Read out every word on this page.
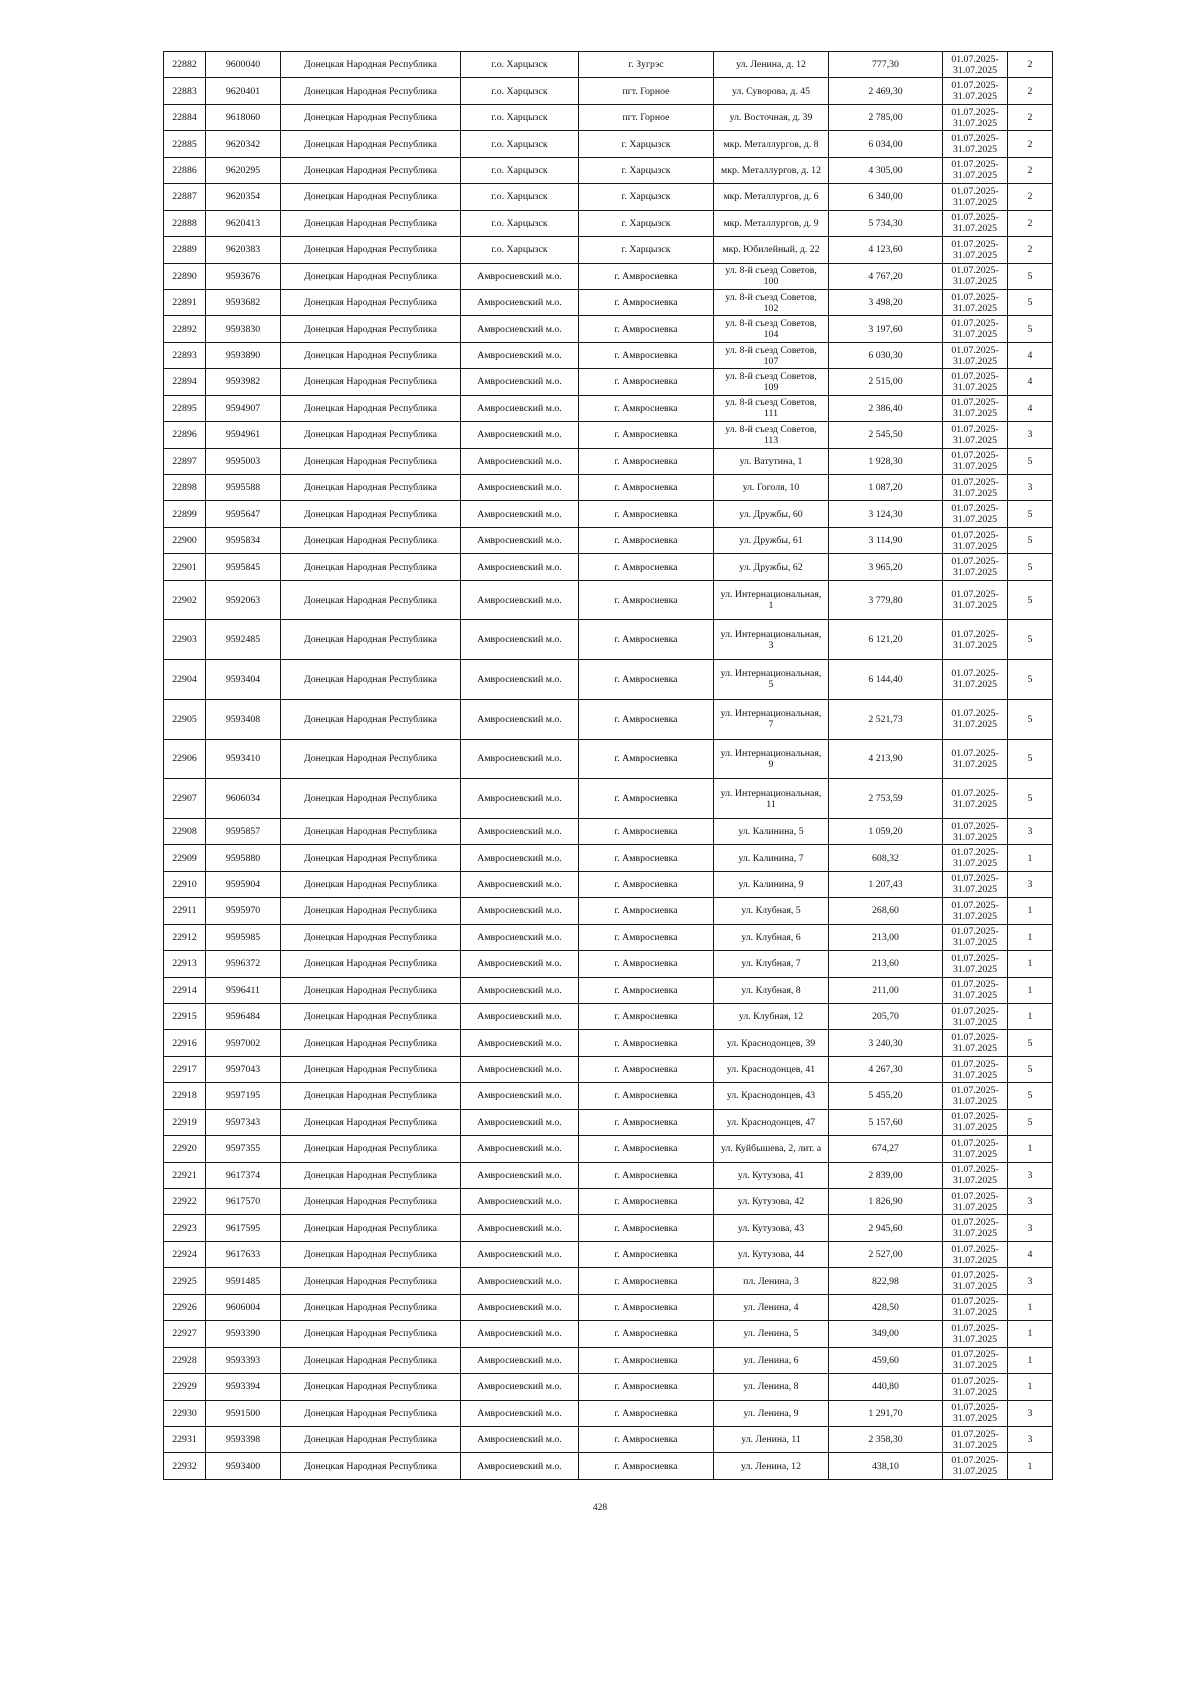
22882	9600040	Донецкая Народная Республика	г.о. Харцызск	г. Зугрэс	ул. Ленина, д. 12	777,30	01.07.2025-
31.07.2025	2
22883	9620401	Донецкая Народная Республика	г.о. Харцызск	пгт. Горное	ул. Суворова, д. 45	2 469,30	01.07.2025-
31.07.2025	2
22884	9618060	Донецкая Народная Республика	г.о. Харцызск	пгт. Горное	ул. Восточная, д. 39	2 785,00	01.07.2025-
31.07.2025	2
22885	9620342	Донецкая Народная Республика	г.о. Харцызск	г. Харцызск	мкр. Металлургов, д. 8	6 034,00	01.07.2025-
31.07.2025	2
22886	9620295	Донецкая Народная Республика	г.о. Харцызск	г. Харцызск	мкр. Металлургов, д. 12	4 305,00	01.07.2025-
31.07.2025	2
22887	9620354	Донецкая Народная Республика	г.о. Харцызск	г. Харцызск	мкр. Металлургов, д. 6	6 340,00	01.07.2025-
31.07.2025	2
22888	9620413	Донецкая Народная Республика	г.о. Харцызск	г. Харцызск	мкр. Металлургов, д. 9	5 734,30	01.07.2025-
31.07.2025	2
22889	9620383	Донецкая Народная Республика	г.о. Харцызск	г. Харцызск	мкр. Юбилейный, д. 22	4 123,60	01.07.2025-
31.07.2025	2
22890	9593676	Донецкая Народная Республика	Амвросиевский м.о.	г. Амвросиевка	ул. 8-й съезд Советов, 100	4 767,20	01.07.2025-
31.07.2025	5
22891	9593682	Донецкая Народная Республика	Амвросиевский м.о.	г. Амвросиевка	ул. 8-й съезд Советов, 102	3 498,20	01.07.2025-
31.07.2025	5
22892	9593830	Донецкая Народная Республика	Амвросиевский м.о.	г. Амвросиевка	ул. 8-й съезд Советов, 104	3 197,60	01.07.2025-
31.07.2025	5
22893	9593890	Донецкая Народная Республика	Амвросиевский м.о.	г. Амвросиевка	ул. 8-й съезд Советов, 107	6 030,30	01.07.2025-
31.07.2025	4
22894	9593982	Донецкая Народная Республика	Амвросиевский м.о.	г. Амвросиевка	ул. 8-й съезд Советов, 109	2 515,00	01.07.2025-
31.07.2025	4
22895	9594907	Донецкая Народная Республика	Амвросиевский м.о.	г. Амвросиевка	ул. 8-й съезд Советов, 111	2 386,40	01.07.2025-
31.07.2025	4
22896	9594961	Донецкая Народная Республика	Амвросиевский м.о.	г. Амвросиевка	ул. 8-й съезд Советов, 113	2 545,50	01.07.2025-
31.07.2025	3
22897	9595003	Донецкая Народная Республика	Амвросиевский м.о.	г. Амвросиевка	ул. Ватутина, 1	1 928,30	01.07.2025-
31.07.2025	5
22898	9595588	Донецкая Народная Республика	Амвросиевский м.о.	г. Амвросиевка	ул. Гоголя, 10	1 087,20	01.07.2025-
31.07.2025	3
22899	9595647	Донецкая Народная Республика	Амвросиевский м.о.	г. Амвросиевка	ул. Дружбы, 60	3 124,30	01.07.2025-
31.07.2025	5
22900	9595834	Донецкая Народная Республика	Амвросиевский м.о.	г. Амвросиевка	ул. Дружбы, 61	3 114,90	01.07.2025-
31.07.2025	5
22901	9595845	Донецкая Народная Республика	Амвросиевский м.о.	г. Амвросиевка	ул. Дружбы, 62	3 965,20	01.07.2025-
31.07.2025	5
22902	9592063	Донецкая Народная Республика	Амвросиевский м.о.	г. Амвросиевка	ул. Интернациональная, 1	3 779,80	01.07.2025-
31.07.2025	5
22903	9592485	Донецкая Народная Республика	Амвросиевский м.о.	г. Амвросиевка	ул. Интернациональная, 3	6 121,20	01.07.2025-
31.07.2025	5
22904	9593404	Донецкая Народная Республика	Амвросиевский м.о.	г. Амвросиевка	ул. Интернациональная, 5	6 144,40	01.07.2025-
31.07.2025	5
22905	9593408	Донецкая Народная Республика	Амвросиевский м.о.	г. Амвросиевка	ул. Интернациональная, 7	2 521,73	01.07.2025-
31.07.2025	5
22906	9593410	Донецкая Народная Республика	Амвросиевский м.о.	г. Амвросиевка	ул. Интернациональная, 9	4 213,90	01.07.2025-
31.07.2025	5
22907	9606034	Донецкая Народная Республика	Амвросиевский м.о.	г. Амвросиевка	ул. Интернациональная, 11	2 753,59	01.07.2025-
31.07.2025	5
22908	9595857	Донецкая Народная Республика	Амвросиевский м.о.	г. Амвросиевка	ул. Калинина, 5	1 059,20	01.07.2025-
31.07.2025	3
22909	9595880	Донецкая Народная Республика	Амвросиевский м.о.	г. Амвросиевка	ул. Калинина, 7	608,32	01.07.2025-
31.07.2025	1
22910	9595904	Донецкая Народная Республика	Амвросиевский м.о.	г. Амвросиевка	ул. Калинина, 9	1 207,43	01.07.2025-
31.07.2025	3
22911	9595970	Донецкая Народная Республика	Амвросиевский м.о.	г. Амвросиевка	ул. Клубная, 5	268,60	01.07.2025-
31.07.2025	1
22912	9595985	Донецкая Народная Республика	Амвросиевский м.о.	г. Амвросиевка	ул. Клубная, 6	213,00	01.07.2025-
31.07.2025	1
22913	9596372	Донецкая Народная Республика	Амвросиевский м.о.	г. Амвросиевка	ул. Клубная, 7	213,60	01.07.2025-
31.07.2025	1
22914	9596411	Донецкая Народная Республика	Амвросиевский м.о.	г. Амвросиевка	ул. Клубная, 8	211,00	01.07.2025-
31.07.2025	1
22915	9596484	Донецкая Народная Республика	Амвросиевский м.о.	г. Амвросиевка	ул. Клубная, 12	205,70	01.07.2025-
31.07.2025	1
22916	9597002	Донецкая Народная Республика	Амвросиевский м.о.	г. Амвросиевка	ул. Краснодонцев, 39	3 240,30	01.07.2025-
31.07.2025	5
22917	9597043	Донецкая Народная Республика	Амвросиевский м.о.	г. Амвросиевка	ул. Краснодонцев, 41	4 267,30	01.07.2025-
31.07.2025	5
22918	9597195	Донецкая Народная Республика	Амвросиевский м.о.	г. Амвросиевка	ул. Краснодонцев, 43	5 455,20	01.07.2025-
31.07.2025	5
22919	9597343	Донецкая Народная Республика	Амвросиевский м.о.	г. Амвросиевка	ул. Краснодонцев, 47	5 157,60	01.07.2025-
31.07.2025	5
22920	9597355	Донецкая Народная Республика	Амвросиевский м.о.	г. Амвросиевка	ул. Куйбышева, 2, лит. а	674,27	01.07.2025-
31.07.2025	1
22921	9617374	Донецкая Народная Республика	Амвросиевский м.о.	г. Амвросиевка	ул. Кутузова, 41	2 839,00	01.07.2025-
31.07.2025	3
22922	9617570	Донецкая Народная Республика	Амвросиевский м.о.	г. Амвросиевка	ул. Кутузова, 42	1 826,90	01.07.2025-
31.07.2025	3
22923	9617595	Донецкая Народная Республика	Амвросиевский м.о.	г. Амвросиевка	ул. Кутузова, 43	2 945,60	01.07.2025-
31.07.2025	3
22924	9617633	Донецкая Народная Республика	Амвросиевский м.о.	г. Амвросиевка	ул. Кутузова, 44	2 527,00	01.07.2025-
31.07.2025	4
22925	9591485	Донецкая Народная Республика	Амвросиевский м.о.	г. Амвросиевка	пл. Ленина, 3	822,98	01.07.2025-
31.07.2025	3
22926	9606004	Донецкая Народная Республика	Амвросиевский м.о.	г. Амвросиевка	ул. Ленина, 4	428,50	01.07.2025-
31.07.2025	1
22927	9593390	Донецкая Народная Республика	Амвросиевский м.о.	г. Амвросиевка	ул. Ленина, 5	349,00	01.07.2025-
31.07.2025	1
22928	9593393	Донецкая Народная Республика	Амвросиевский м.о.	г. Амвросиевка	ул. Ленина, 6	459,60	01.07.2025-
31.07.2025	1
22929	9593394	Донецкая Народная Республика	Амвросиевский м.о.	г. Амвросиевка	ул. Ленина, 8	440,80	01.07.2025-
31.07.2025	1
22930	9591500	Донецкая Народная Республика	Амвросиевский м.о.	г. Амвросиевка	ул. Ленина, 9	1 291,70	01.07.2025-
31.07.2025	3
22931	9593398	Донецкая Народная Республика	Амвросиевский м.о.	г. Амвросиевка	ул. Ленина, 11	2 358,30	01.07.2025-
31.07.2025	3
22932	9593400	Донецкая Народная Республика	Амвросиевский м.о.	г. Амвросиевка	ул. Ленина, 12	438,10	01.07.2025-
31.07.2025	1
428
